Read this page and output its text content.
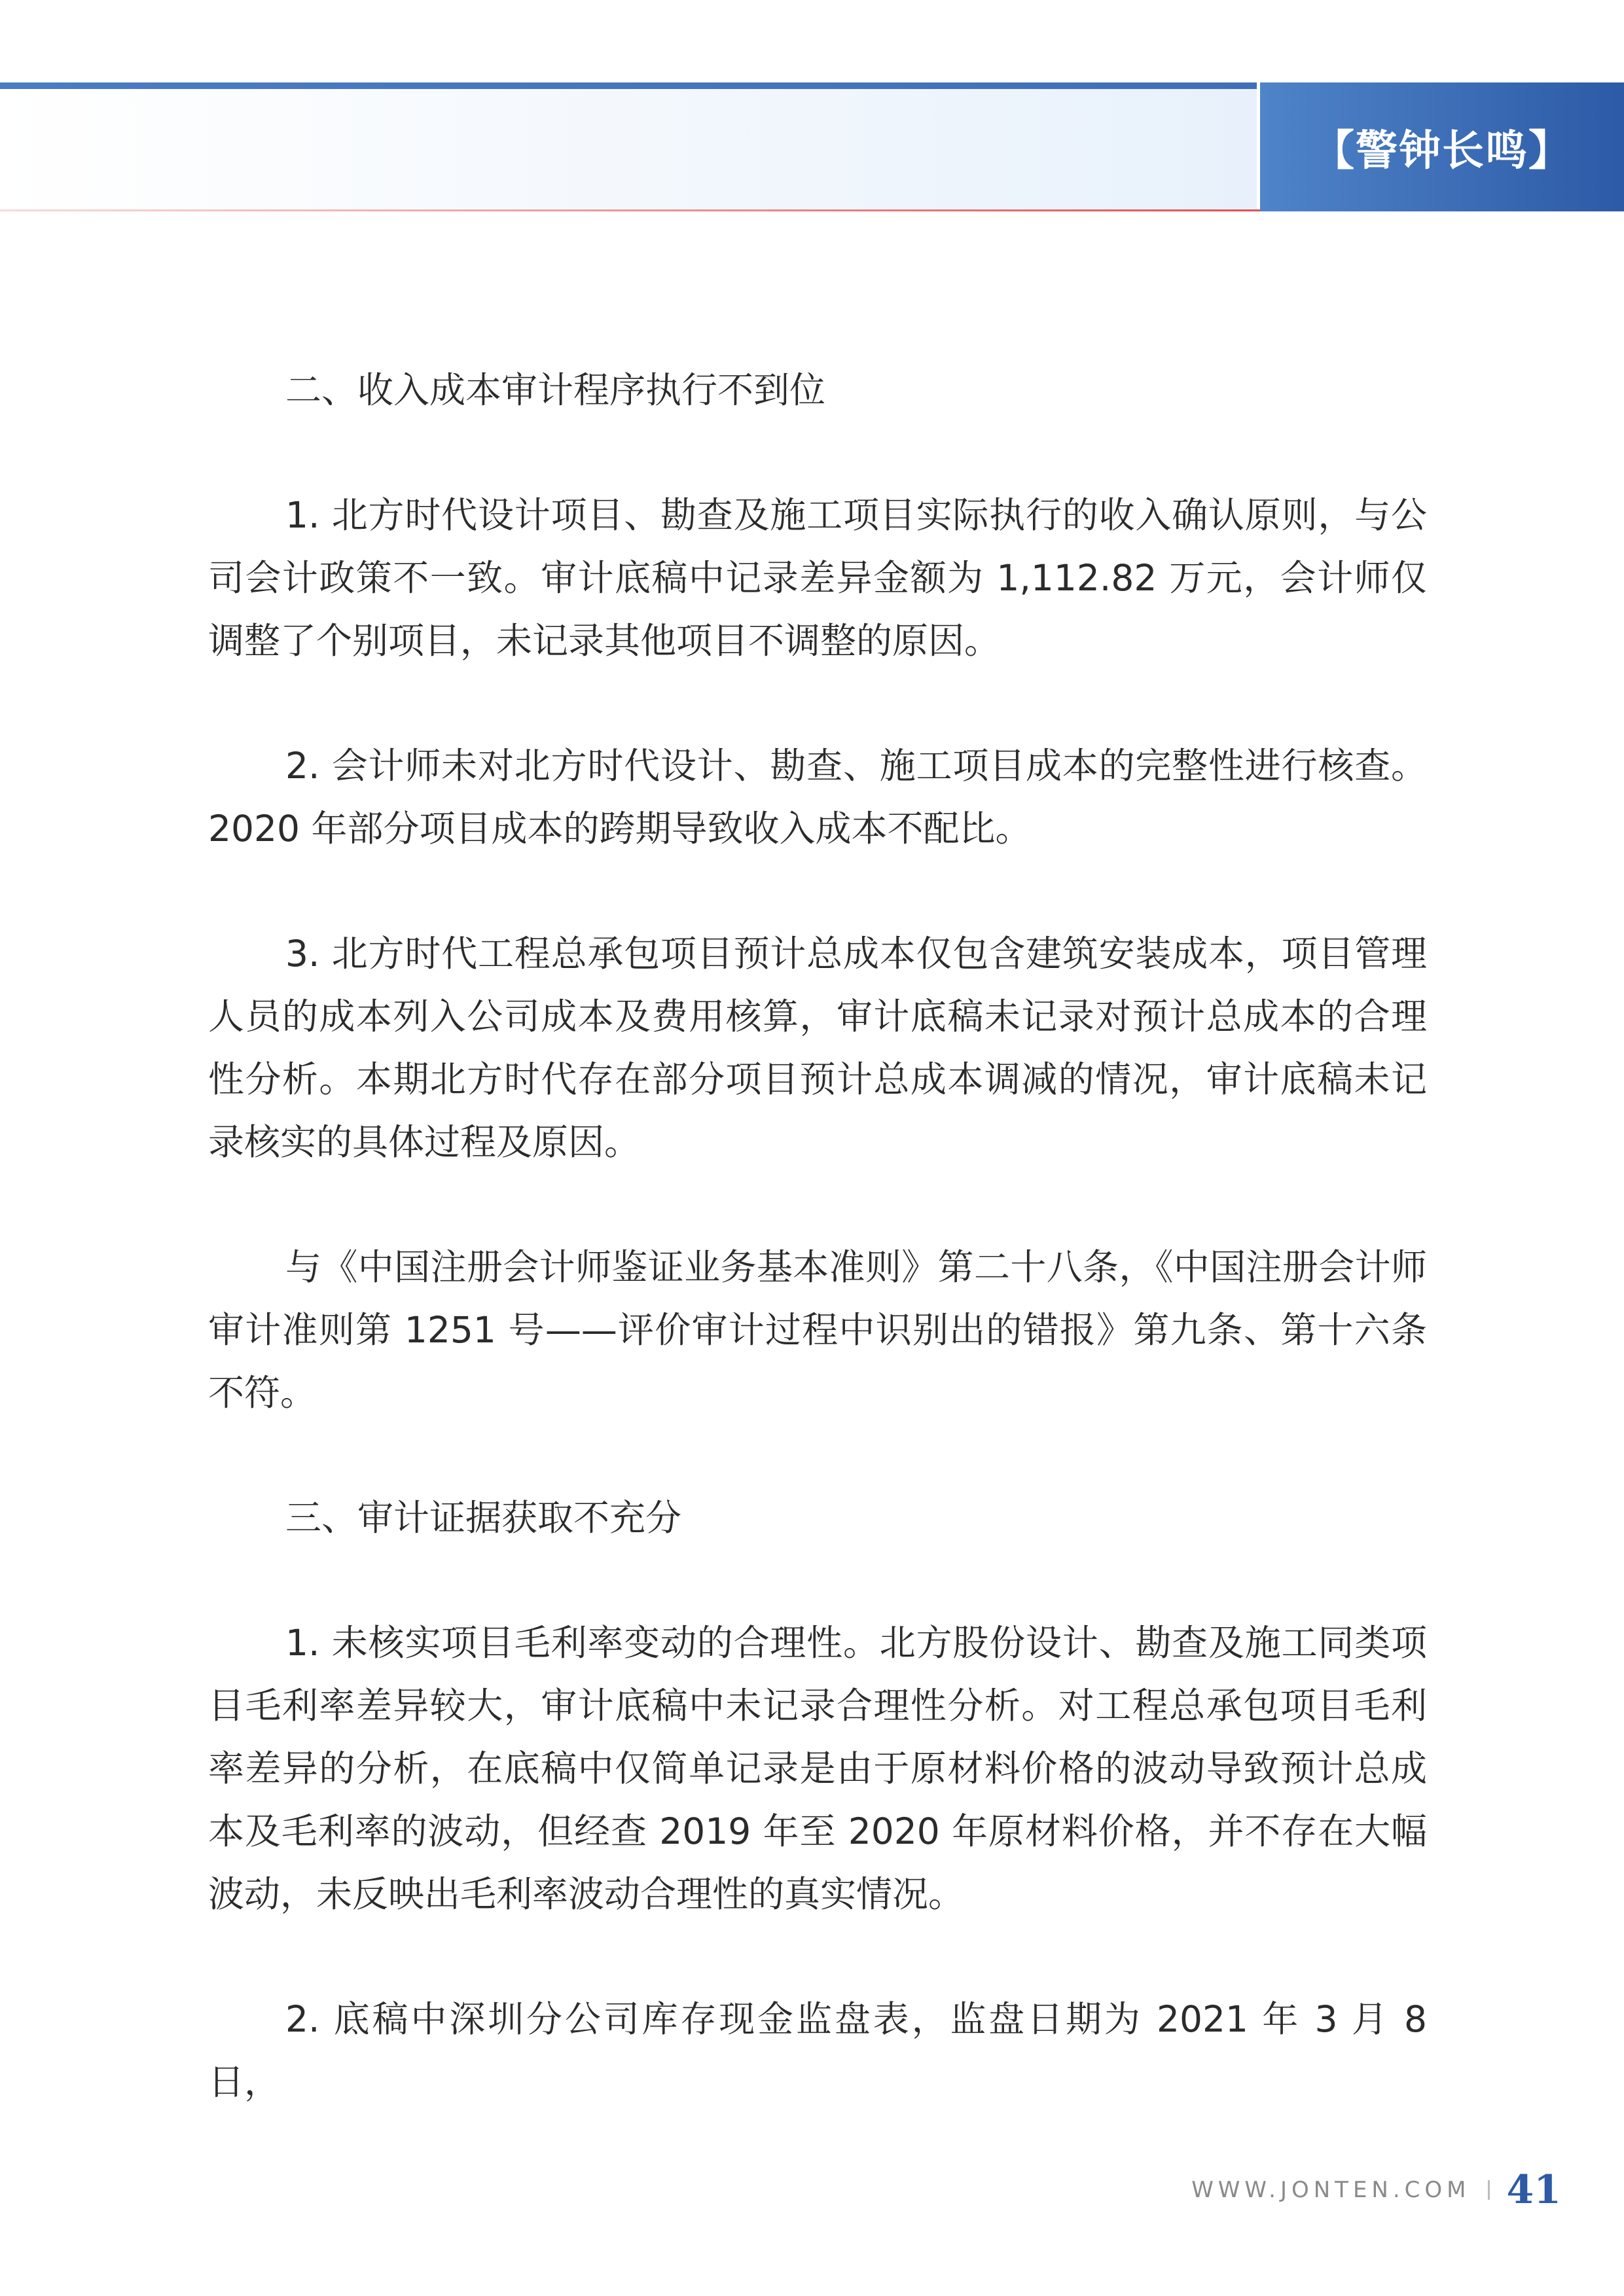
【警钟长鸣】

二、收入成本审计程序执行不到位

1. 北方时代设计项目、勘查及施工项目实际执行的收入确认原则，与公司会计政策不一致。审计底稿中记录差异金额为 1,112.82 万元，会计师仅调整了个别项目，未记录其他项目不调整的原因。

2. 会计师未对北方时代设计、勘查、施工项目成本的完整性进行核查。2020 年部分项目成本的跨期导致收入成本不配比。

3. 北方时代工程总承包项目预计总成本仅包含建筑安装成本，项目管理人员的成本列入公司成本及费用核算，审计底稿未记录对预计总成本的合理性分析。本期北方时代存在部分项目预计总成本调减的情况，审计底稿未记录核实的具体过程及原因。

与《中国注册会计师鉴证业务基本准则》第二十八条，《中国注册会计师审计准则第 1251 号——评价审计过程中识别出的错报》第九条、第十六条不符。

三、审计证据获取不充分

1. 未核实项目毛利率变动的合理性。北方股份设计、勘查及施工同类项目毛利率差异较大，审计底稿中未记录合理性分析。对工程总承包项目毛利率差异的分析，在底稿中仅简单记录是由于原材料价格的波动导致预计总成本及毛利率的波动，但经查 2019 年至 2020 年原材料价格，并不存在大幅波动，未反映出毛利率波动合理性的真实情况。

2. 底稿中深圳分公司库存现金监盘表，监盘日期为 2021 年 3 月 8 日，

WWW.JONTEN.COM 41
